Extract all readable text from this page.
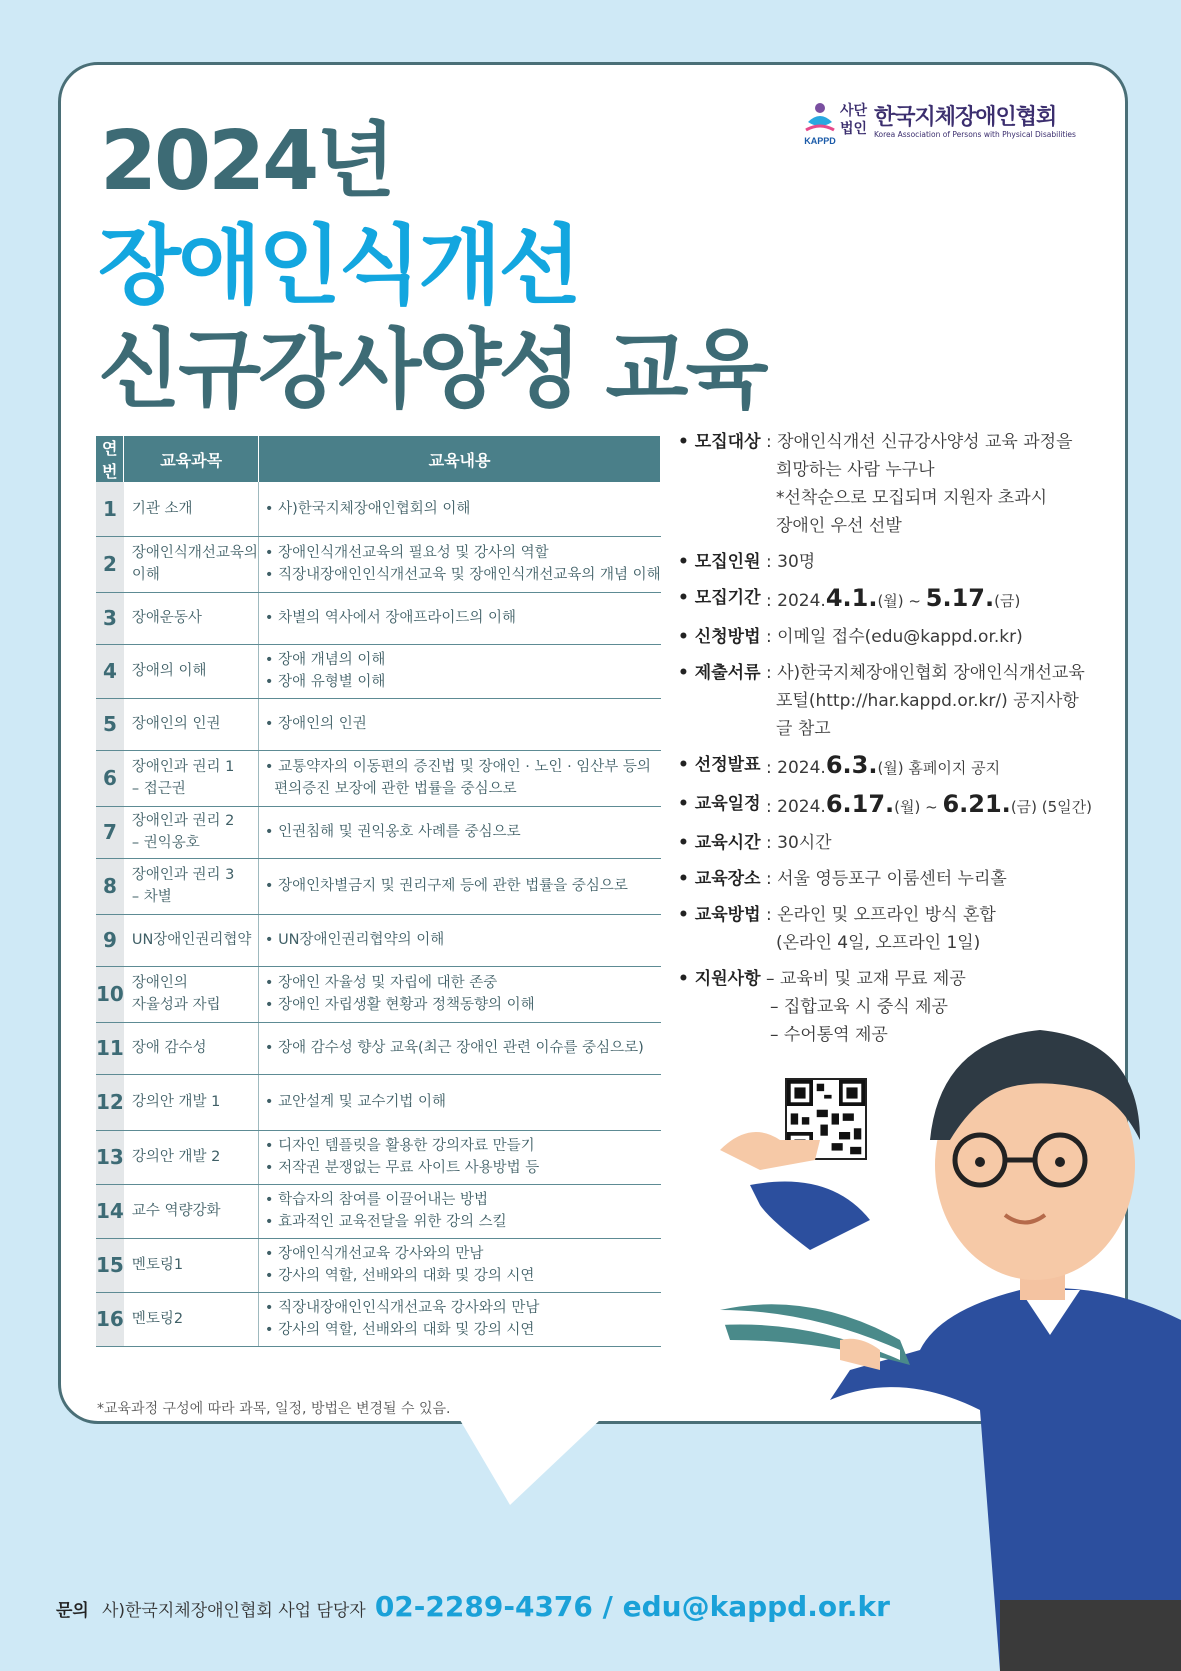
2024년
장애인식개선
신규강사양성 교육
KAPPD
사단
법인 한국지체장애인협회
Korea Association of Persons with Physical Disabilities
연번	교육과목	교육내용
1	기관 소개	• 사)한국지체장애인협회의 이해

2	장애인식개선교육의
이해	• 장애인식개선교육의 필요성 및 강사의 역할
• 직장내장애인인식개선교육 및 장애인식개선교육의 개념 이해

3	장애운동사	• 차별의 역사에서 장애프라이드의 이해

4	장애의 이해	• 장애 개념의 이해
• 장애 유형별 이해

5	장애인의 인권	• 장애인의 인권

6	장애인과 권리 1
– 접근권	• 교통약자의 이동편의 증진법 및 장애인 · 노인 · 임산부 등의
편의증진 보장에 관한 법률을 중심으로

7	장애인과 권리 2
– 권익옹호	• 인권침해 및 권익옹호 사례를 중심으로

8	장애인과 권리 3
– 차별	• 장애인차별금지 및 권리구제 등에 관한 법률을 중심으로

9	UN장애인권리협약	• UN장애인권리협약의 이해

10	장애인의
자율성과 자립	• 장애인 자율성 및 자립에 대한 존중
• 장애인 자립생활 현황과 정책동향의 이해

11	장애 감수성	• 장애 감수성 향상 교육(최근 장애인 관련 이슈를 중심으로)

12	강의안 개발 1	• 교안설계 및 교수기법 이해

13	강의안 개발 2	• 디자인 템플릿을 활용한 강의자료 만들기
• 저작권 분쟁없는 무료 사이트 사용방법 등

14	교수 역량강화	• 학습자의 참여를 이끌어내는 방법
• 효과적인 교육전달을 위한 강의 스킬

15	멘토링1	• 장애인식개선교육 강사와의 만남
• 강사의 역할, 선배와의 대화 및 강의 시연

16	멘토링2	• 직장내장애인인식개선교육 강사와의 만남
• 강사의 역할, 선배와의 대화 및 강의 시연
*교육과정 구성에 따라 과목, 일정, 방법은 변경될 수 있음.
• 모집대상 : 장애인식개선 신규강사양성 교육 과정을
희망하는 사람 누구나
*선착순으로 모집되며 지원자 초과시
장애인 우선 선발
• 모집인원 : 30명
• 모집기간 : 2024.4.1.(월) ~ 5.17.(금)
• 신청방법 : 이메일 접수(edu@kappd.or.kr)
• 제출서류 : 사)한국지체장애인협회 장애인식개선교육
포털(http://har.kappd.or.kr/) 공지사항
글 참고
• 선정발표 : 2024.6.3.(월) 홈페이지 공지
• 교육일정 : 2024.6.17.(월) ~ 6.21.(금) (5일간)
• 교육시간 : 30시간
• 교육장소 : 서울 영등포구 이룸센터 누리홀
• 교육방법 : 온라인 및 오프라인 방식 혼합
(온라인 4일, 오프라인 1일)
• 지원사항 – 교육비 및 교재 무료 제공
– 집합교육 시 중식 제공
– 수어통역 제공
문의 사)한국지체장애인협회 사업 담당자 02-2289-4376 / edu@kappd.or.kr
